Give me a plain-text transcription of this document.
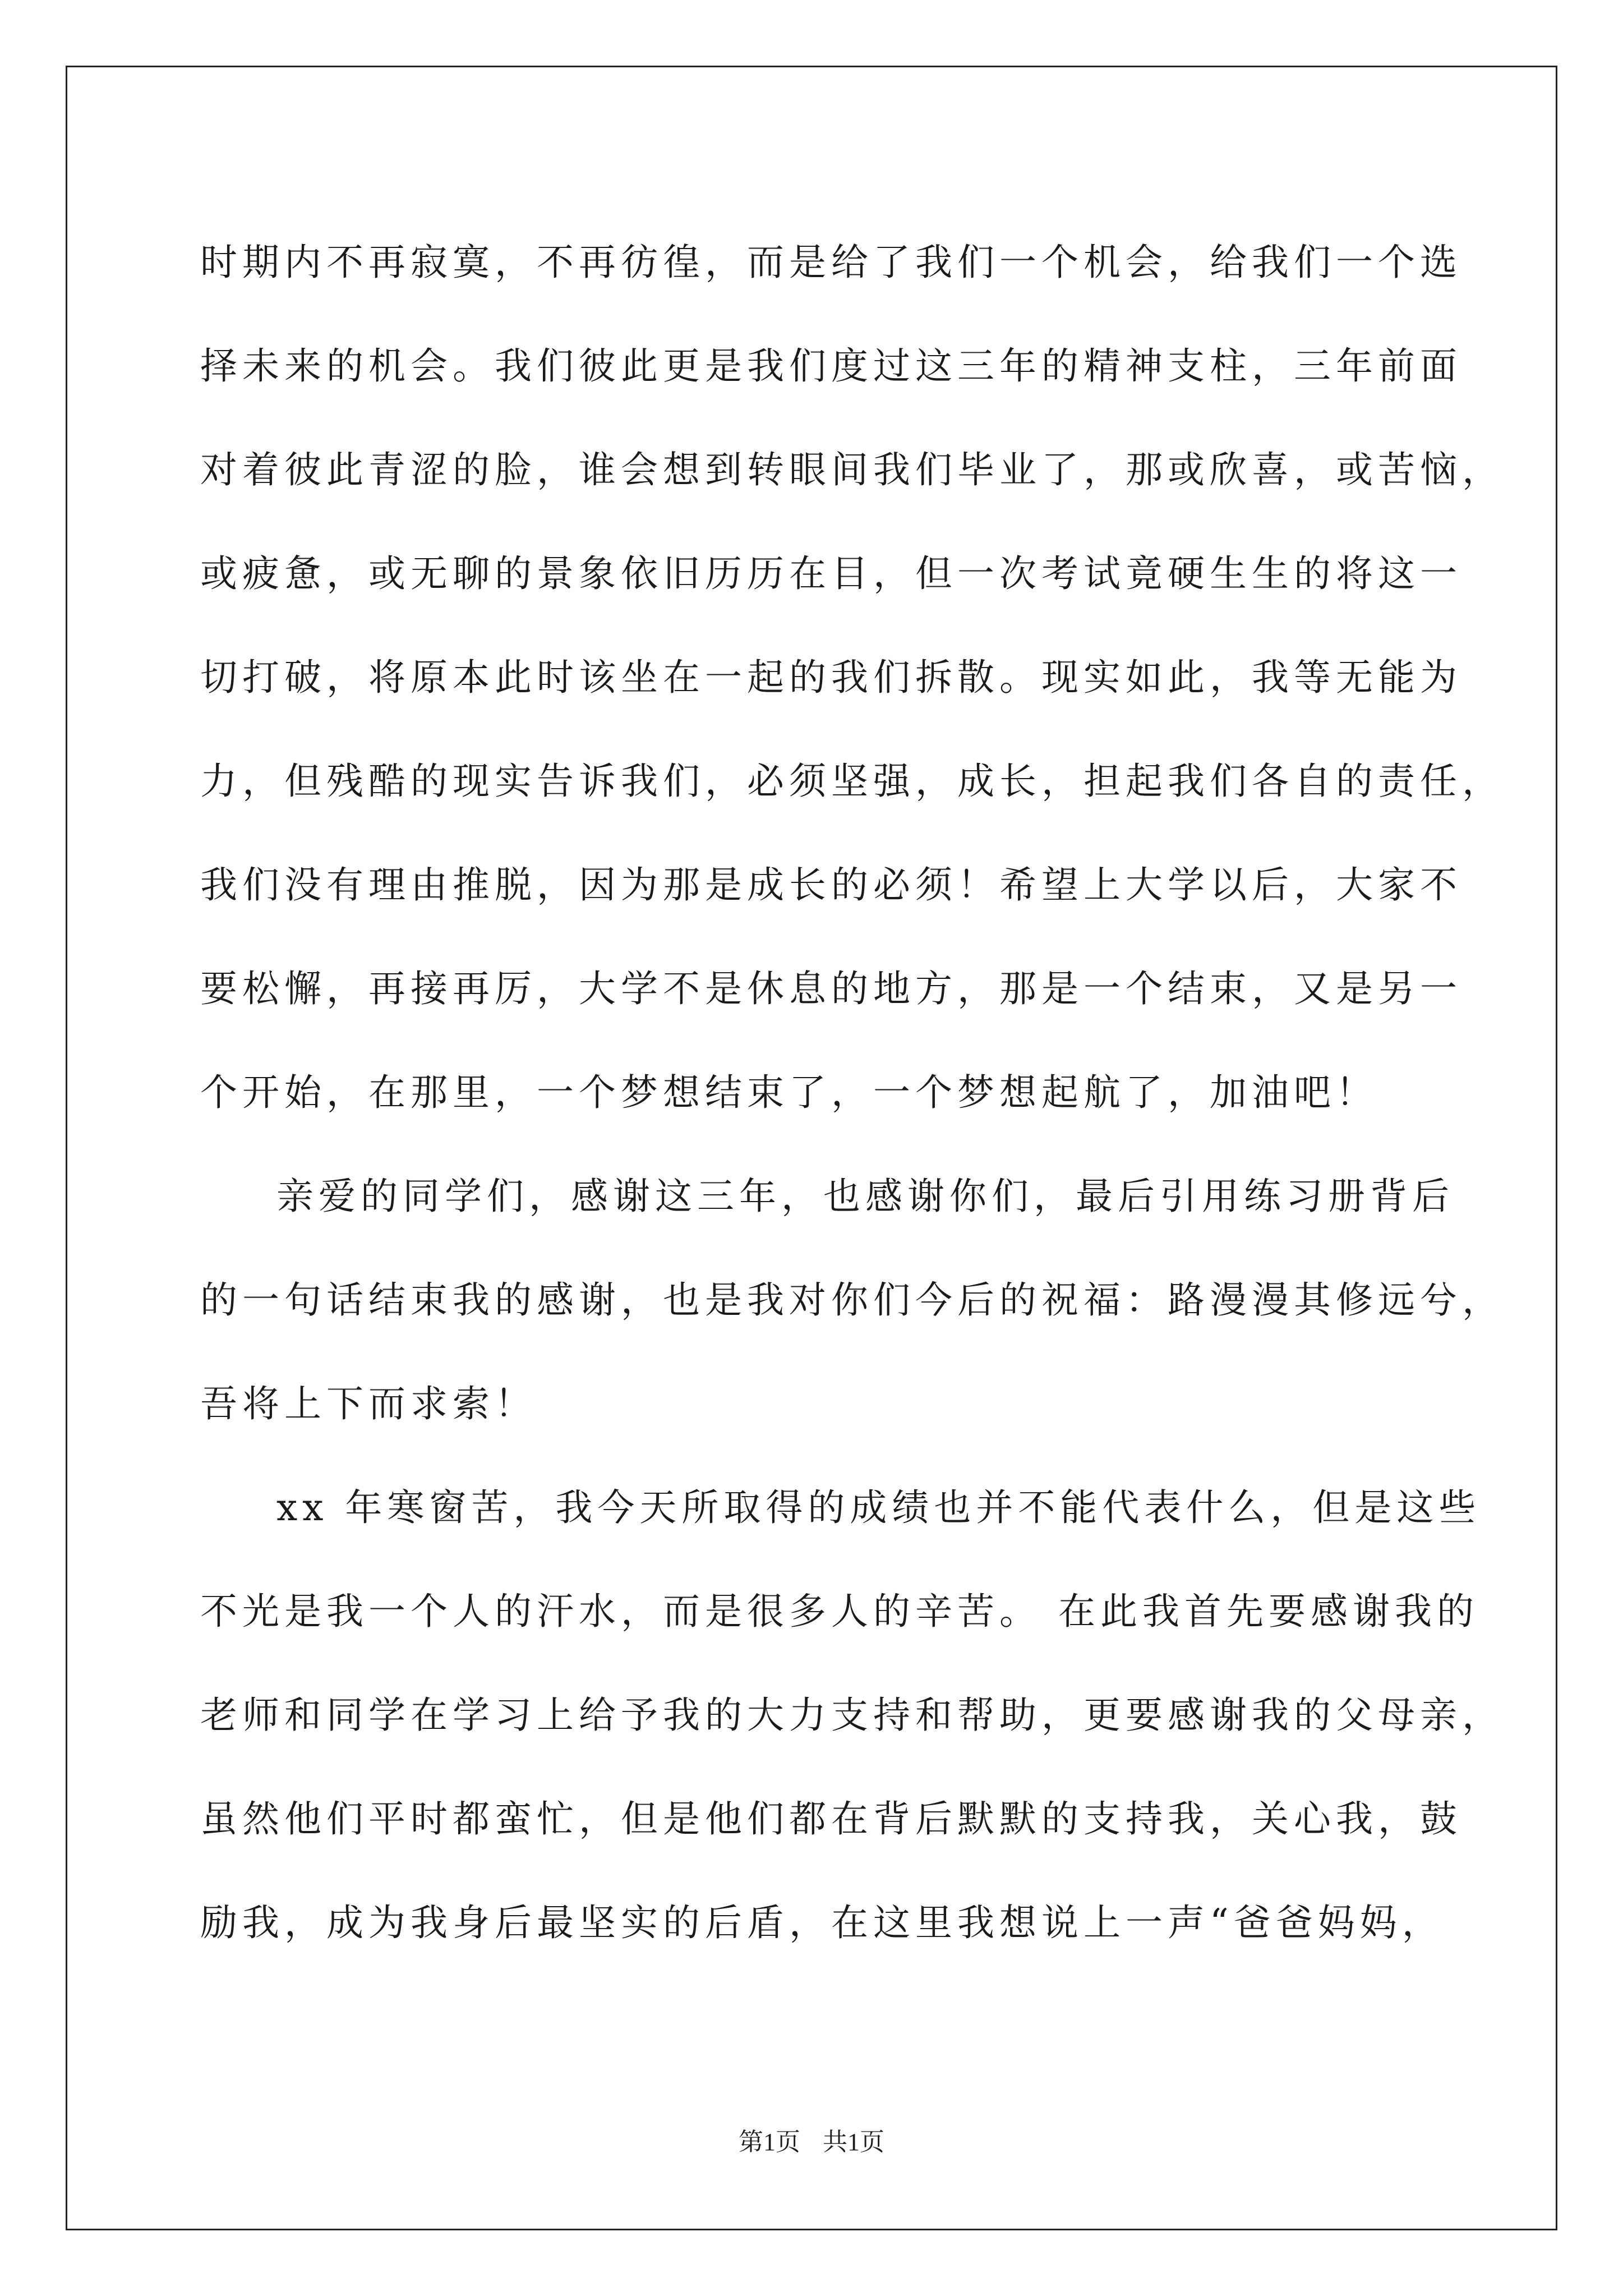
时期内不再寂寞，不再彷徨，而是给了我们一个机会，给我们一个选
择未来的机会。我们彼此更是我们度过这三年的精神支柱，三年前面
对着彼此青涩的脸，谁会想到转眼间我们毕业了，那或欣喜，或苦恼，
或疲惫，或无聊的景象依旧历历在目，但一次考试竟硬生生的将这一
切打破，将原本此时该坐在一起的我们拆散。现实如此，我等无能为
力，但残酷的现实告诉我们，必须坚强，成长，担起我们各自的责任，
我们没有理由推脱，因为那是成长的必须！希望上大学以后，大家不
要松懈，再接再厉，大学不是休息的地方，那是一个结束，又是另一
个开始，在那里，一个梦想结束了，一个梦想起航了，加油吧！
亲爱的同学们，感谢这三年，也感谢你们，最后引用练习册背后
的一句话结束我的感谢，也是我对你们今后的祝福：路漫漫其修远兮，
吾将上下而求索！
xx 年寒窗苦，我今天所取得的成绩也并不能代表什么，但是这些
不光是我一个人的汗水，而是很多人的辛苦。 在此我首先要感谢我的
老师和同学在学习上给予我的大力支持和帮助，更要感谢我的父母亲，
虽然他们平时都蛮忙，但是他们都在背后默默的支持我，关心我，鼓
励我，成为我身后最坚实的后盾，在这里我想说上一声“爸爸妈妈，
第1页 共1页
